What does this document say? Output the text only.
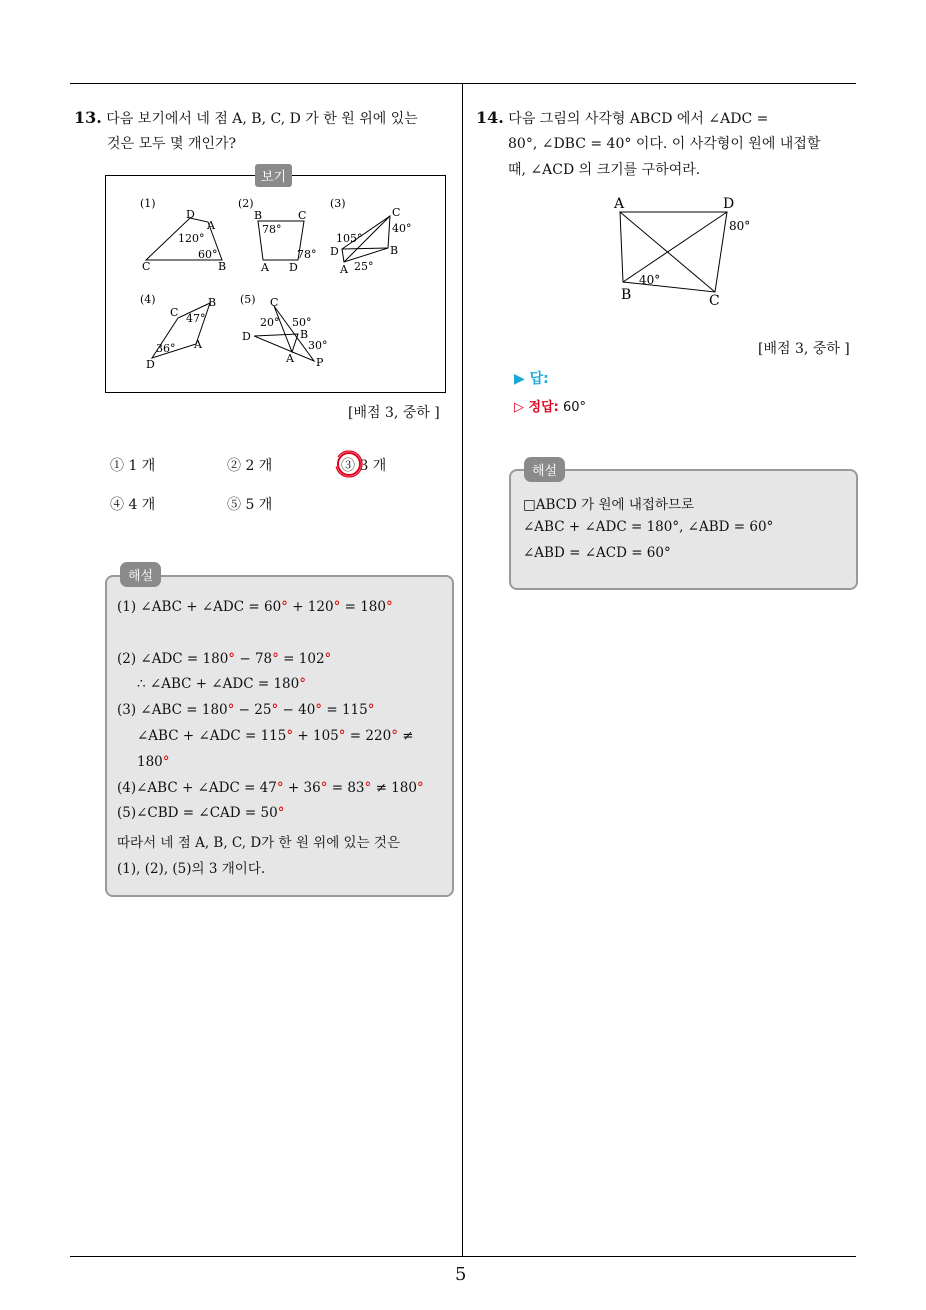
5
13. 다음 보기에서 네 점 A, B, C, D 가 한 원 위에 있는
것은 모두 몇 개인가?
(1)
C	B
D
A
120°
60°
(2)
B	C
A D
78°
78°
(3)
C
B
D
A
105°
40°
25°
(4)
D
C
B
A
47°
36°
(5)
D
C
B
A P
20° 50°
30°
보기
[배점 3, 중하 ]
① 1 개	② 2 개	③ 3 개
④ 4 개	⑤ 5 개
(1) ∠ABC + ∠ADC = 60° + 120° = 180°
(2) ∠ADC = 180° − 78° = 102°
∴ ∠ABC + ∠ADC = 180°
(3) ∠ABC = 180° − 25° − 40° = 115°
∠ABC + ∠ADC = 115° + 105° = 220° ≠
180°
(4)∠ABC + ∠ADC = 47° + 36° = 83° ≠ 180°
(5)∠CBD = ∠CAD = 50°
따라서 네 점 A, B, C, D가 한 원 위에 있는 것은
(1), (2), (5)의 3 개이다.
해설
14. 다음 그림의 사각형 ABCD 에서 ∠ADC =
80°, ∠DBC = 40° 이다. 이 사각형이 원에 내접할
때, ∠ACD 의 크기를 구하여라.
A	D
B	C
80°
40°
[배점 3, 중하 ]
▶ 답:
▷ 정답: 60°
□ABCD 가 원에 내접하므로
∠ABC + ∠ADC = 180°, ∠ABD = 60°
∠ABD = ∠ACD = 60°
해설
